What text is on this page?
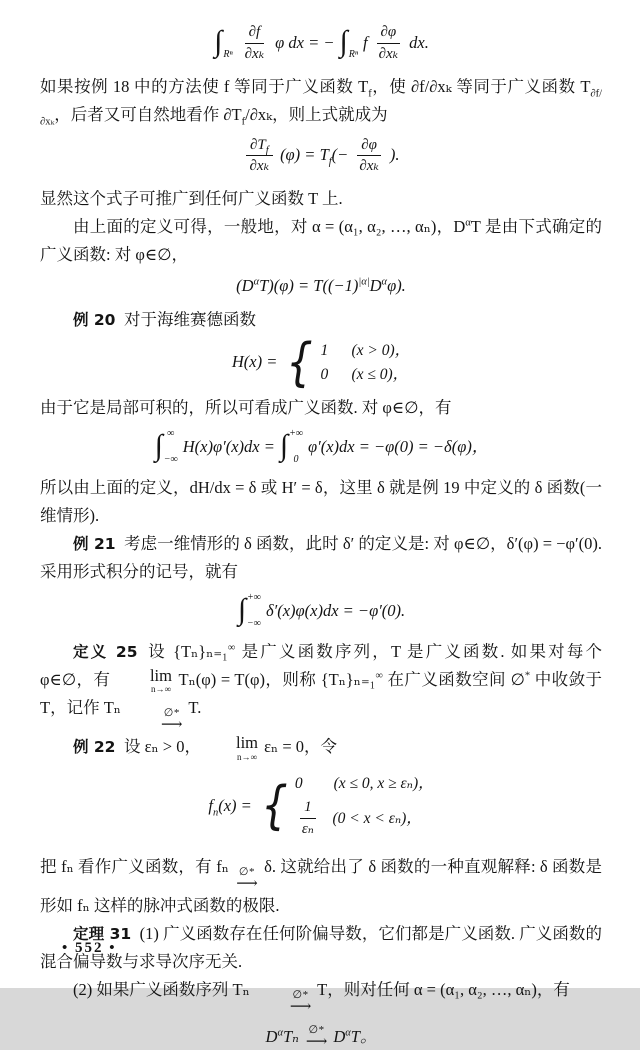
∫ Rⁿ $\frac{\partial f}{\text{∂xₖ}}$ φ dx = − ∫ Rⁿ
f $\frac{\partial\varphi}{\text{∂xₖ}}$ dx.

如果按例 18 中的方法使 f 等同于广义函数 $T_f$，使 ∂f/∂xₖ 等同于广义函数 $T_{\partial f/\partial x_k}$，后者又可自然地看作 $\partial T_f/\partial x_k$，则上式就成为

$\frac{\partial T_f}{\text{∂xₖ}} (\varphi) = T_f(- \frac{\partial\varphi}{\text{∂xₖ}}$ ).

显然这个式子可推广到任何广义函数 T 上.

由上面的定义可得，一般地，对 α = (α₁, α₂, …, αₙ)，$D^\alpha T$ 是由下式确定的广义函数: 对 φ∈∅，

$(D^\alpha T)(\varphi) = T((-1)^{|\alpha|}D^\alpha\varphi)$.

例 20 对于海维赛德函数

H(x) = { 1      (x > 0)，
0      (x ≤ 0)，

由于它是局部可积的，所以可看成广义函数. 对 φ∈∅，有

∫ ∞
−∞
H(x)φ′(x)dx = ∫ +∞
0
φ′(x)dx = −φ(0) = −δ(φ)，

所以由上面的定义，dH/dx = δ 或 H′ = δ，这里 δ 就是例 19 中定义的 δ 函数(一维情形).

例 21 考虑一维情形的 δ 函数，此时 δ′ 的定义是: 对 φ∈∅，δ′(φ) = −φ′(0). 采用形式积分的记号，就有

∫ +∞
−∞
δ′(x)φ(x)dx = −φ′(0).

定义 25 设 {Tₙ}ₙ₌₁∞ 是广义函数序列，T 是广义函数. 如果对每个 φ∈∅，有	lim
n→∞
Tₙ(φ) = T(φ)，则称 {Tₙ}ₙ₌₁∞ 在广义函数空间 ∅* 中收敛于 T，记作 Tₙ	∅*
⟶
T.

例 22 设 εₙ > 0，	lim
n→∞
εₙ = 0，令

$f_n(x)$ = { 0        (x ≤ 0, x ≥ εₙ)，
$\frac{1}{\text{εₙ}} (0 < x < \varepsilon_n)$，

把 fₙ 看作广义函数，有 fₙ ∅*
⟶
δ. 这就给出了 δ 函数的一种直观解释: δ 函数是形如 fₙ 这样的脉冲式函数的极限.

定理 31 (1) 广义函数存在任何阶偏导数，它们都是广义函数. 广义函数的混合偏导数与求导次序无关.

(2) 如果广义函数序列 Tₙ	∅*
⟶
T，则对任何 α = (α₁, α₂, …, αₙ)，有

$D^\alpha T_n$ ∅*
⟶ $D^\alpha T$。
• 552 •
